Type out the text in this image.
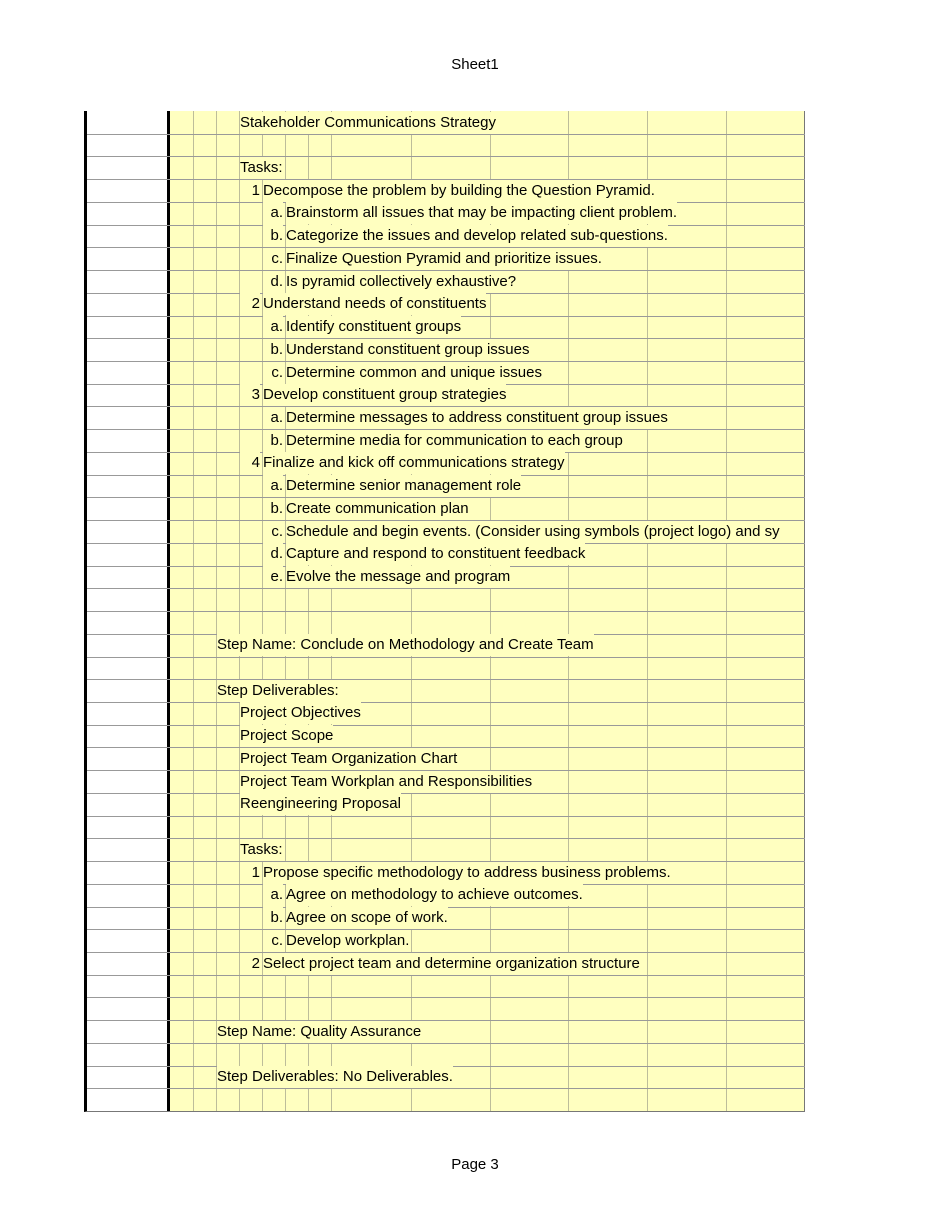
Sheet1
Stakeholder Communications Strategy
Tasks:
1 Decompose the problem by building the Question Pyramid.
a. Brainstorm all issues that may be impacting client problem.
b. Categorize the issues and develop related sub-questions.
c. Finalize Question Pyramid and prioritize issues.
d. Is pyramid collectively exhaustive?
2 Understand needs of constituents
a. Identify constituent groups
b. Understand constituent group issues
c. Determine common and unique issues
3 Develop constituent group strategies
a. Determine messages to address constituent group issues
b. Determine media for communication to each group
4 Finalize and kick off communications strategy
a. Determine senior management role
b. Create communication plan
c. Schedule and begin events. (Consider using symbols (project logo) and sy
d. Capture and respond to constituent feedback
e. Evolve the message and program
Step Name: Conclude on Methodology and Create Team
Step Deliverables:
Project Objectives
Project Scope
Project Team Organization Chart
Project Team Workplan and Responsibilities
Reengineering Proposal
Tasks:
1 Propose specific methodology to address business problems.
a. Agree on methodology to achieve outcomes.
b. Agree on scope of work.
c. Develop workplan.
2 Select project team and determine organization structure
Step Name: Quality Assurance
Step Deliverables: No Deliverables.
Page 3
